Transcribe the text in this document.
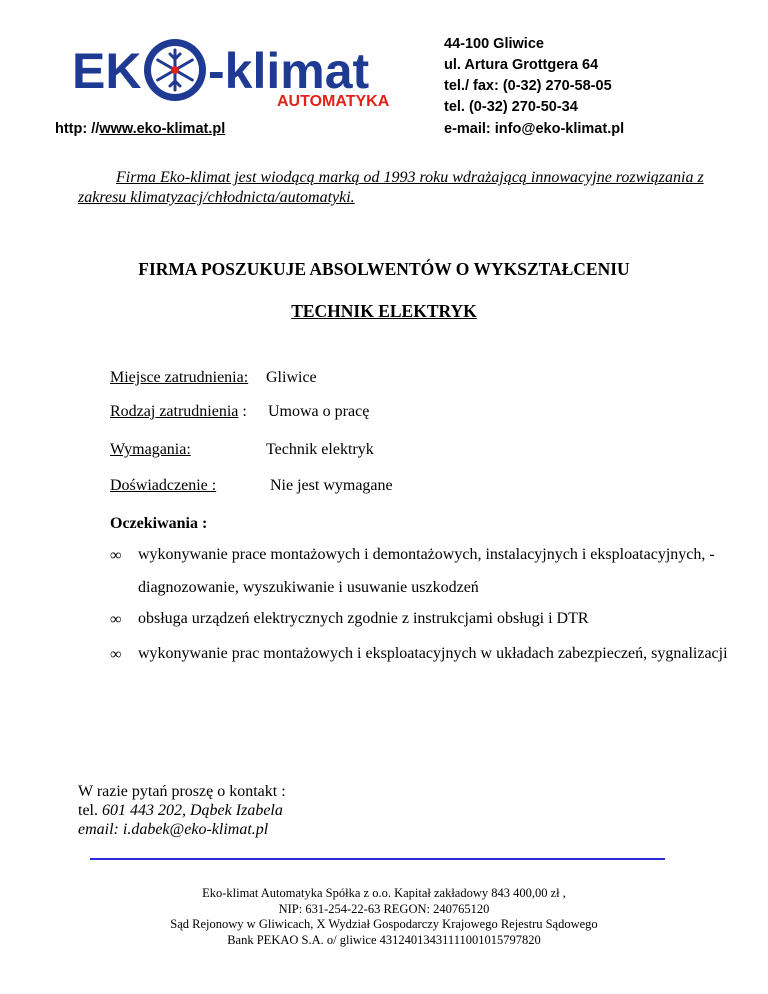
EK -klimat
AUTOMATYKA
44-100 Gliwice
ul. Artura Grottgera 64
tel./ fax: (0-32) 270-58-05
tel. (0-32) 270-50-34
http: //www.eko-klimat.pl	e-mail: info@eko-klimat.pl
Firma Eko-klimat jest wiodącą marką od 1993 roku wdrażającą innowacyjne rozwiązania z zakresu klimatyzacj/chłodnicta/automatyki.
FIRMA POSZUKUJE ABSOLWENTÓW O WYKSZTAŁCENIU
TECHNIK ELEKTRYK
Miejsce zatrudnienia: Gliwice
Rodzaj zatrudnienia : Umowa o pracę
Wymagania:	Technik elektryk
Doświadczenie :	Nie jest wymagane
Oczekiwania :
∞ wykonywanie prace montażowych i demontażowych, instalacyjnych i eksploatacyjnych, - diagnozowanie, wyszukiwanie i usuwanie uszkodzeń
∞ obsługa urządzeń elektrycznych zgodnie z instrukcjami obsługi i DTR
∞ wykonywanie prac montażowych i eksploatacyjnych w układach zabezpieczeń, sygnalizacji
W razie pytań proszę o kontakt :
tel. 601 443 202, Dąbek Izabela
email: i.dabek@eko-klimat.pl
Eko-klimat Automatyka Spółka z o.o. Kapitał zakładowy 843 400,00 zł ,
NIP: 631-254-22-63 REGON: 240765120
Sąd Rejonowy w Gliwicach, X Wydział Gospodarczy Krajowego Rejestru Sądowego
Bank PEKAO S.A. o/ gliwice 43124013431111001015797820
